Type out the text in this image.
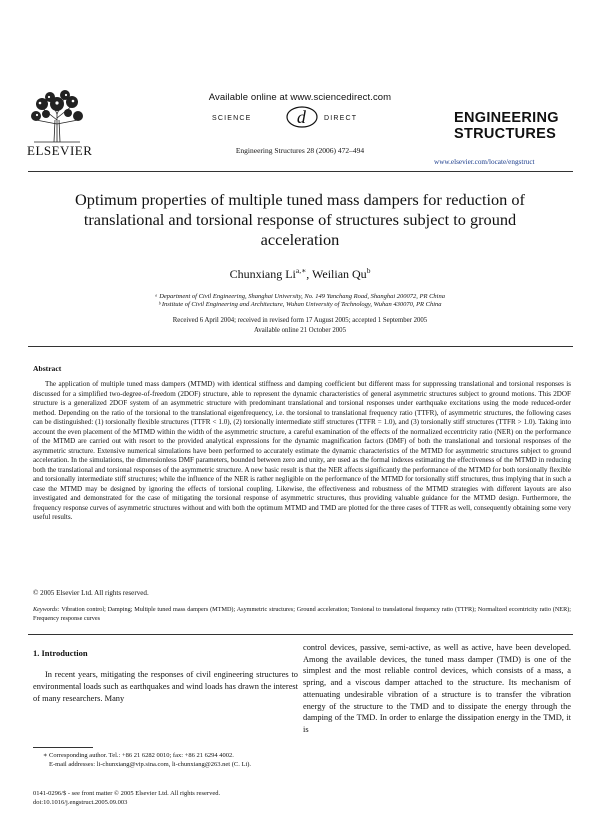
ELSEVIER
Available online at www.sciencedirect.com
SCIENCE	d DIRECT
Engineering Structures 28 (2006) 472–494
ENGINEERING
STRUCTURES
www.elsevier.com/locate/engstruct
Optimum properties of multiple tuned mass dampers for reduction of translational and torsional response of structures subject to ground acceleration
Chunxiang $Li^{a,∗}$, Weilian Qu$^b$
ᵃ Department of Civil Engineering, Shanghai University, No. 149 Yanchang Road, Shanghai 200072, PR China
ᵇ Institute of Civil Engineering and Architecture, Wuhan University of Technology, Wuhan 430070, PR China
Received 6 April 2004; received in revised form 17 August 2005; accepted 1 September 2005
Available online 21 October 2005
Abstract
The application of multiple tuned mass dampers (MTMD) with identical stiffness and damping coefficient but different mass for suppressing translational and torsional responses is discussed for a simplified two-degree-of-freedom (2DOF) structure, able to represent the dynamic characteristics of general asymmetric structures subject to ground motions. This 2DOF structure is a generalized 2DOF system of an asymmetric structure with predominant translational and torsional responses under earthquake excitations using the mode reduced-order method. Depending on the ratio of the torsional to the translational eigenfrequency, i.e. the torsional to translational frequency ratio (TTFR), of asymmetric structures, the following cases can be distinguished: (1) torsionally flexible structures (TTFR < 1.0), (2) torsionally intermediate stiff structures (TTFR = 1.0), and (3) torsionally stiff structures (TTFR > 1.0). Taking into account the even placement of the MTMD within the width of the asymmetric structure, a careful examination of the effects of the normalized eccentricity ratio (NER) on the performance of the MTMD are carried out with resort to the provided analytical expressions for the dynamic magnification factors (DMF) of both the translational and torsional responses of the asymmetric structure. Extensive numerical simulations have been performed to accurately estimate the dynamic characteristics of the MTMD for asymmetric structures subject to ground acceleration. In the simulations, the dimensionless DMF parameters, bounded between zero and unity, are used as the formal indexes estimating the effectiveness of the MTMD in reducing both the translational and torsional responses of the asymmetric structure. A new basic result is that the NER affects significantly the performance of the MTMD for both torsionally flexible and torsionally intermediate stiff structures; while the influence of the NER is rather negligible on the performance of the MTMD for torsionally stiff structures, thus implying that in such a case the MTMD may be designed by ignoring the effects of torsional coupling. Likewise, the effectiveness and robustness of the MTMD strategies with different layouts are also investigated and demonstrated for the case of mitigating the torsional response of asymmetric structures, thus providing valuable guidance for the MTMD design. Furthermore, the frequency response curves of asymmetric structures without and with both the optimum MTMD and TMD are plotted for the three cases of TTFR as well, consequently obtaining some very useful results.
© 2005 Elsevier Ltd. All rights reserved.
Keywords: Vibration control; Damping; Multiple tuned mass dampers (MTMD); Asymmetric structures; Ground acceleration; Torsional to translational frequency ratio (TTFR); Normalized eccentricity ratio (NER); Frequency response curves
1. Introduction
In recent years, mitigating the responses of civil engineering structures to environmental loads such as earthquakes and wind loads has drawn the interest of many researchers. Many
control devices, passive, semi-active, as well as active, have been developed. Among the available devices, the tuned mass damper (TMD) is one of the simplest and the most reliable control devices, which consists of a mass, a spring, and a viscous damper attached to the structure. Its mechanism of attenuating undesirable vibration of a structure is to transfer the vibration energy of the structure to the TMD and to dissipate the energy through the damping of the TMD. In order to enlarge the dissipation energy in the TMD, it is
∗ Corresponding author. Tel.: +86 21 6282 0010; fax: +86 21 6294 4002.
E-mail addresses: li-chunxiang@vip.sina.com, li-chunxiang@263.net (C. Li).
0141-0296/$ - see front matter © 2005 Elsevier Ltd. All rights reserved.
doi:10.1016/j.engstruct.2005.09.003
